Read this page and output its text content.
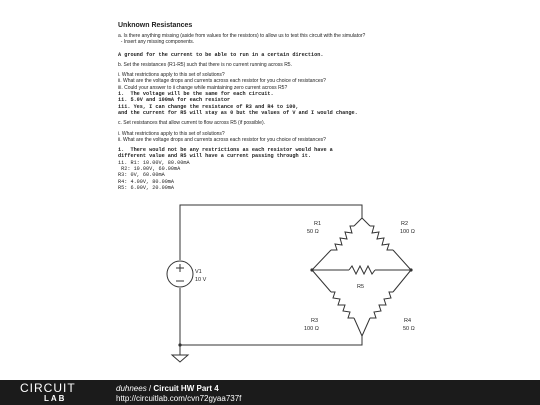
Unknown Resistances

a. Is there anything missing (aside from values for the resistors) to allow us to test this circuit with the simulator?

- Insert any missing components.

A ground for the current to be able to run in a certain direction.

b. Set the resistances (R1-R5) such that there is no current running across R5.

i. What restrictions apply to this set of solutions?

ii. What are the voltage drops and currents across each resistor for you choice of resistances?

iii. Could your answer to ii change while maintaining zero current across R5?

i.  The voltage will be the same for each circuit.

ii. 5.0V and 100mA for each resistor

iii. Yes, I can change the resistance of R3 and R4 to 100,

and the current for R5 will stay as 0 but the values of V and I would change.

c. Set resistances that allow current to flow across R5 (if possible).

i. What restrictions apply to this set of solutions?

ii. What are the voltage drops and currents across each resistor for you choice of resistances?

i.  There would not be any restrictions as each resistor would have a

different value and R5 will have a current passing through it.

ii. R1: 10.00V, 80.00mA

R2: 10.00V, 60.00mA

R3: 0V, 60.00mA

R4: 4.00V, 80.00mA

R5: 6.00V, 20.00mA

V1
10 V
R1
50 Ω
R2
100 Ω
R5
R3
100 Ω
R4
50 Ω
CIRCUIT
LAB
duhnees / Circuit HW Part 4
http://circuitlab.com/cvn72gyaa737f
